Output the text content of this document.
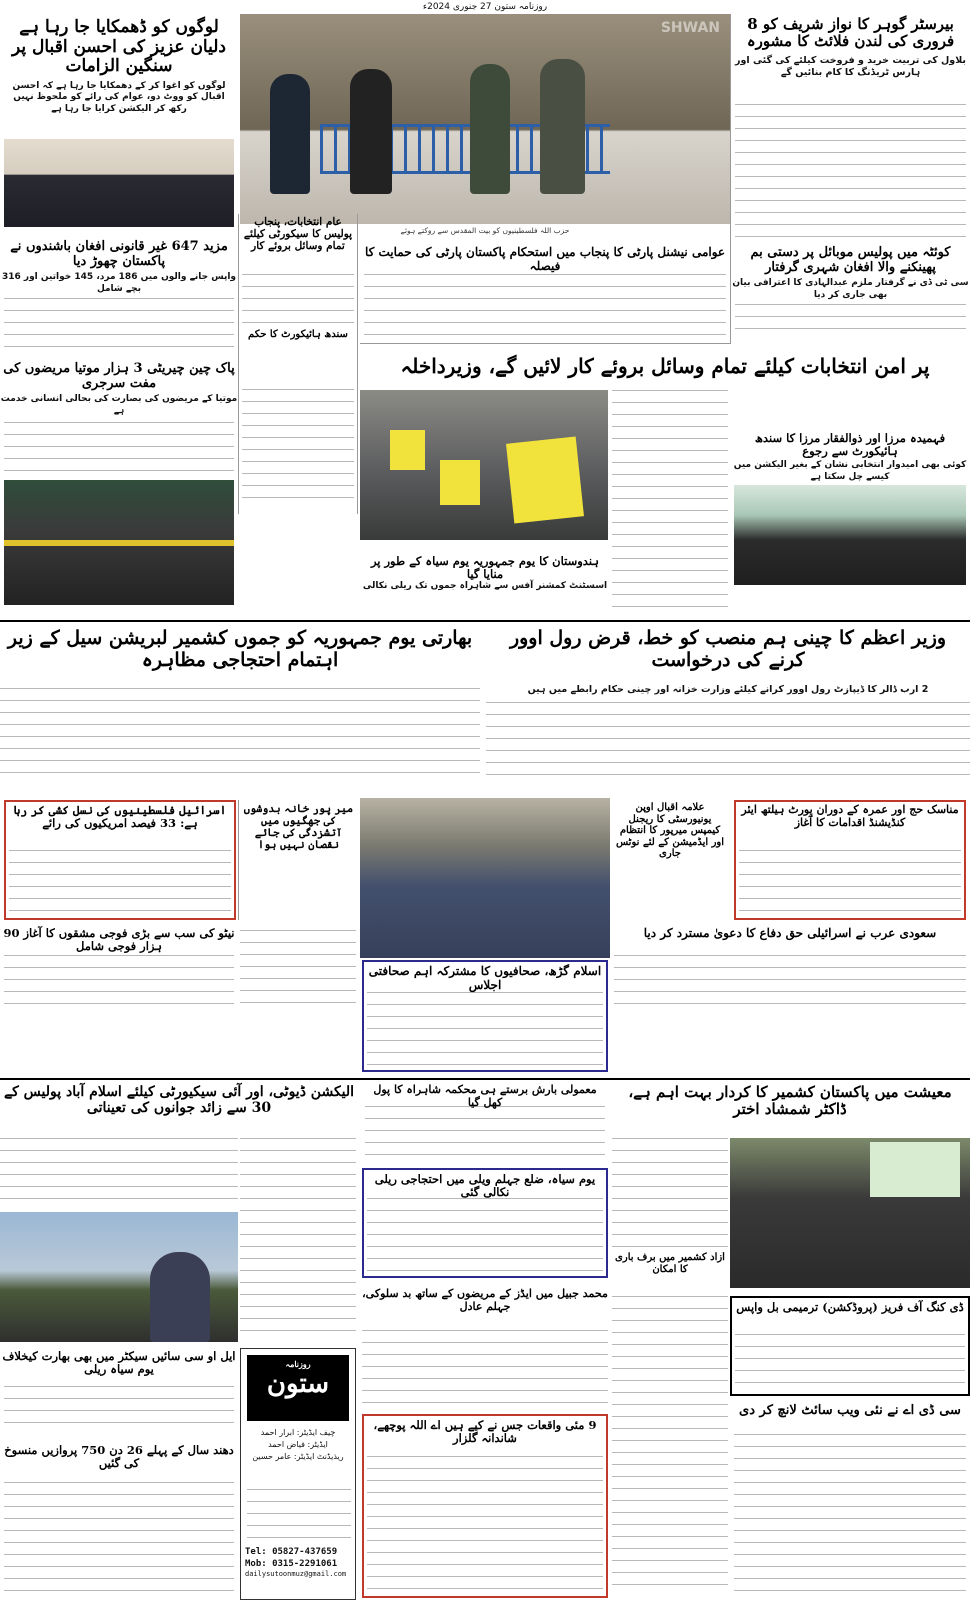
روزنامہ ستون 27 جنوری 2024ء
بیرسٹر گوہر کا نواز شریف کو 8 فروری کی لندن فلائٹ کا مشورہ
بلاول کی تربیت خرید و فروخت کیلئے کی گئی اور ہارس ٹریڈنگ کا کام بنائیں گے
SHWAN
حزب اللہ فلسطینیوں کو بیت المقدس سے روکتے ہوئے
لوگوں کو ڈھمکایا جا رہا ہے دلیان عزیز کی احسن اقبال پر سنگین الزامات
لوگوں کو اغوا کر کے دھمکایا جا رہا ہے کہ احسن اقبال کو ووٹ دو، عوام کی رائے کو ملحوظ نہیں رکھ کر الیکشن کرایا جا رہا ہے
کوئٹہ میں پولیس موبائل پر دستی بم پھینکنے والا افغان شہری گرفتار
سی ٹی ڈی نے گرفتار ملزم عبدالہادی کا اعترافی بیان بھی جاری کر دیا
مزید 647 غیر قانونی افغان باشندوں نے پاکستان چھوڑ دیا
واپس جانے والوں میں 186 مرد، 145 خواتین اور 316 بچے شامل
عام انتخابات، پنجاب پولیس کا سیکورٹی کیلئے تمام وسائل بروئے کار
سندھ ہائیکورٹ کا حکم
پر امن انتخابات کیلئے تمام وسائل بروئے کار لائیں گے، وزیرداخلہ
عوامی نیشنل پارٹی کا پنجاب میں استحکام پاکستان پارٹی کی حمایت کا فیصلہ
پاک چین چیریٹی 3 ہزار موتیا مریضوں کی مفت سرجری
موتیا کے مریضوں کی بصارت کی بحالی انسانی خدمت ہے
فہمیدہ مرزا اور ذوالفقار مرزا کا سندھ ہائیکورٹ سے رجوع
کوئی بھی امیدوار انتخابی نشان کے بغیر الیکشن میں کیسے چل سکتا ہے
ہندوستان کا یوم جمہوریہ یوم سیاہ کے طور پر منایا گیا
اسسٹنٹ کمشنر آفس سے شاہراہ جموں تک ریلی نکالی
بھارتی یوم جمہوریہ کو جموں کشمیر لبریشن سیل کے زیر اہتمام احتجاجی مظاہرہ
وزیر اعظم کا چینی ہم منصب کو خط، قرض رول اوور کرنے کی درخواست
2 ارب ڈالر کا ڈیپازٹ رول اوور کرانے کیلئے وزارت خزانہ اور چینی حکام رابطے میں ہیں
اسرائیل فلسطینیوں کی نسل کشی کر رہا ہے: 33 فیصد امریکیوں کی رائے
میر پور خانہ بدوشوں کی جھگیوں میں آتشزدگی کی جائے نقصان نہیں ہوا
علامہ اقبال اوپن یونیورسٹی کا ریجنل کیمپس میرپور کا انتظام اور ایڈمیشن کے لئے نوٹس جاری
مناسک حج اور عمرہ کے دوران پورٹ ہیلتھ ایئر کنڈیشنڈ اقدامات کا آغاز
نیٹو کی سب سے بڑی فوجی مشقوں کا آغاز 90 ہزار فوجی شامل
اسلام گڑھ، صحافیوں کا مشترکہ اہم صحافتی اجلاس
سعودی عرب نے اسرائیلی حق دفاع کا دعویٰ مسترد کر دیا
الیکشن ڈیوٹی، اور آئی سیکیورٹی کیلئے اسلام آباد پولیس کے 30 سے زائد جوانوں کی تعیناتی
معمولی بارش برستے ہی محکمہ شاہراہ کا پول کھل گیا
معیشت میں پاکستان کشمیر کا کردار بہت اہم ہے، ڈاکٹر شمشاد اختر
یوم سیاہ، ضلع جہلم ویلی میں احتجاجی ریلی نکالی گئی
آزاد کشمیر میں برف باری کا امکان
ایل او سی سائیں سیکٹر میں بھی بھارت کیخلاف یوم سیاہ ریلی	روزنامہ
ستون
چیف ایڈیٹر: ابرار احمد
ایڈیٹر: فیاض احمد
ریذیڈنٹ ایڈیٹر: عامر حسین
Tel: 05827-437659
Mob: 0315-2291061
dailysutoonmuz@gmail.com
محمد جبیل میں ایڈز کے مریضوں کے ساتھ بد سلوکی، جہلم عادل
9 مئی واقعات جس نے کیے ہیں اے اللہ پوچھے، شاندانہ گلزار
ڈی کنگ آف فریز (پروڈکشن) ترمیمی بل واپس
سی ڈی اے نے نئی ویب سائٹ لانچ کر دی
دھند سال کے پہلے 26 دن 750 پروازیں منسوخ کی گئیں
